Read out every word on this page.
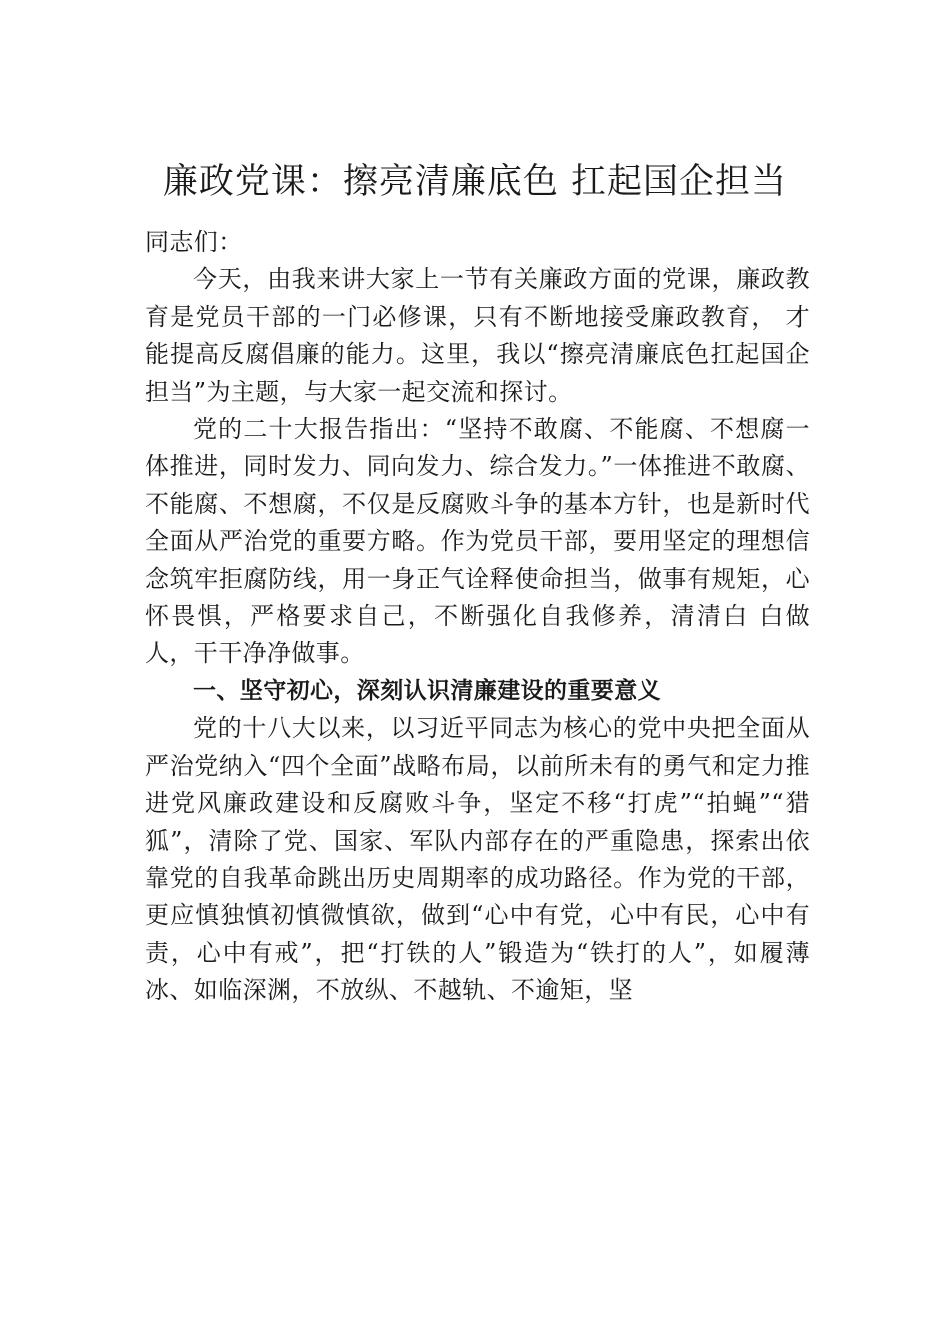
廉政党课：擦亮清廉底色 扛起国企担当

同志们：

今天，由我来讲大家上一节有关廉政方面的党课，廉政教育是党员干部的一门必修课，只有不断地接受廉政教育， 才能提高反腐倡廉的能力。这里，我以“擦亮清廉底色扛起国企担当”为主题，与大家一起交流和探讨。

党的二十大报告指出：“坚持不敢腐、不能腐、不想腐一体推进，同时发力、同向发力、综合发力。”一体推进不敢腐、不能腐、不想腐，不仅是反腐败斗争的基本方针，也是新时代全面从严治党的重要方略。作为党员干部，要用坚定的理想信念筑牢拒腐防线，用一身正气诠释使命担当，做事有规矩，心怀畏惧，严格要求自己，不断强化自我修养，清清白 白做人，干干净净做事。

一、坚守初心，深刻认识清廉建设的重要意义

党的十八大以来，以习近平同志为核心的党中央把全面从严治党纳入“四个全面”战略布局，以前所未有的勇气和定力推进党风廉政建设和反腐败斗争，坚定不移“打虎”“拍蝇”“猎狐”，清除了党、国家、军队内部存在的严重隐患，探索出依靠党的自我革命跳出历史周期率的成功路径。作为党的干部，更应慎独慎初慎微慎欲，做到“心中有党，心中有民，心中有责，心中有戒”，把“打铁的人”锻造为“铁打的人”，如履薄冰、如临深渊，不放纵、不越轨、不逾矩，坚
